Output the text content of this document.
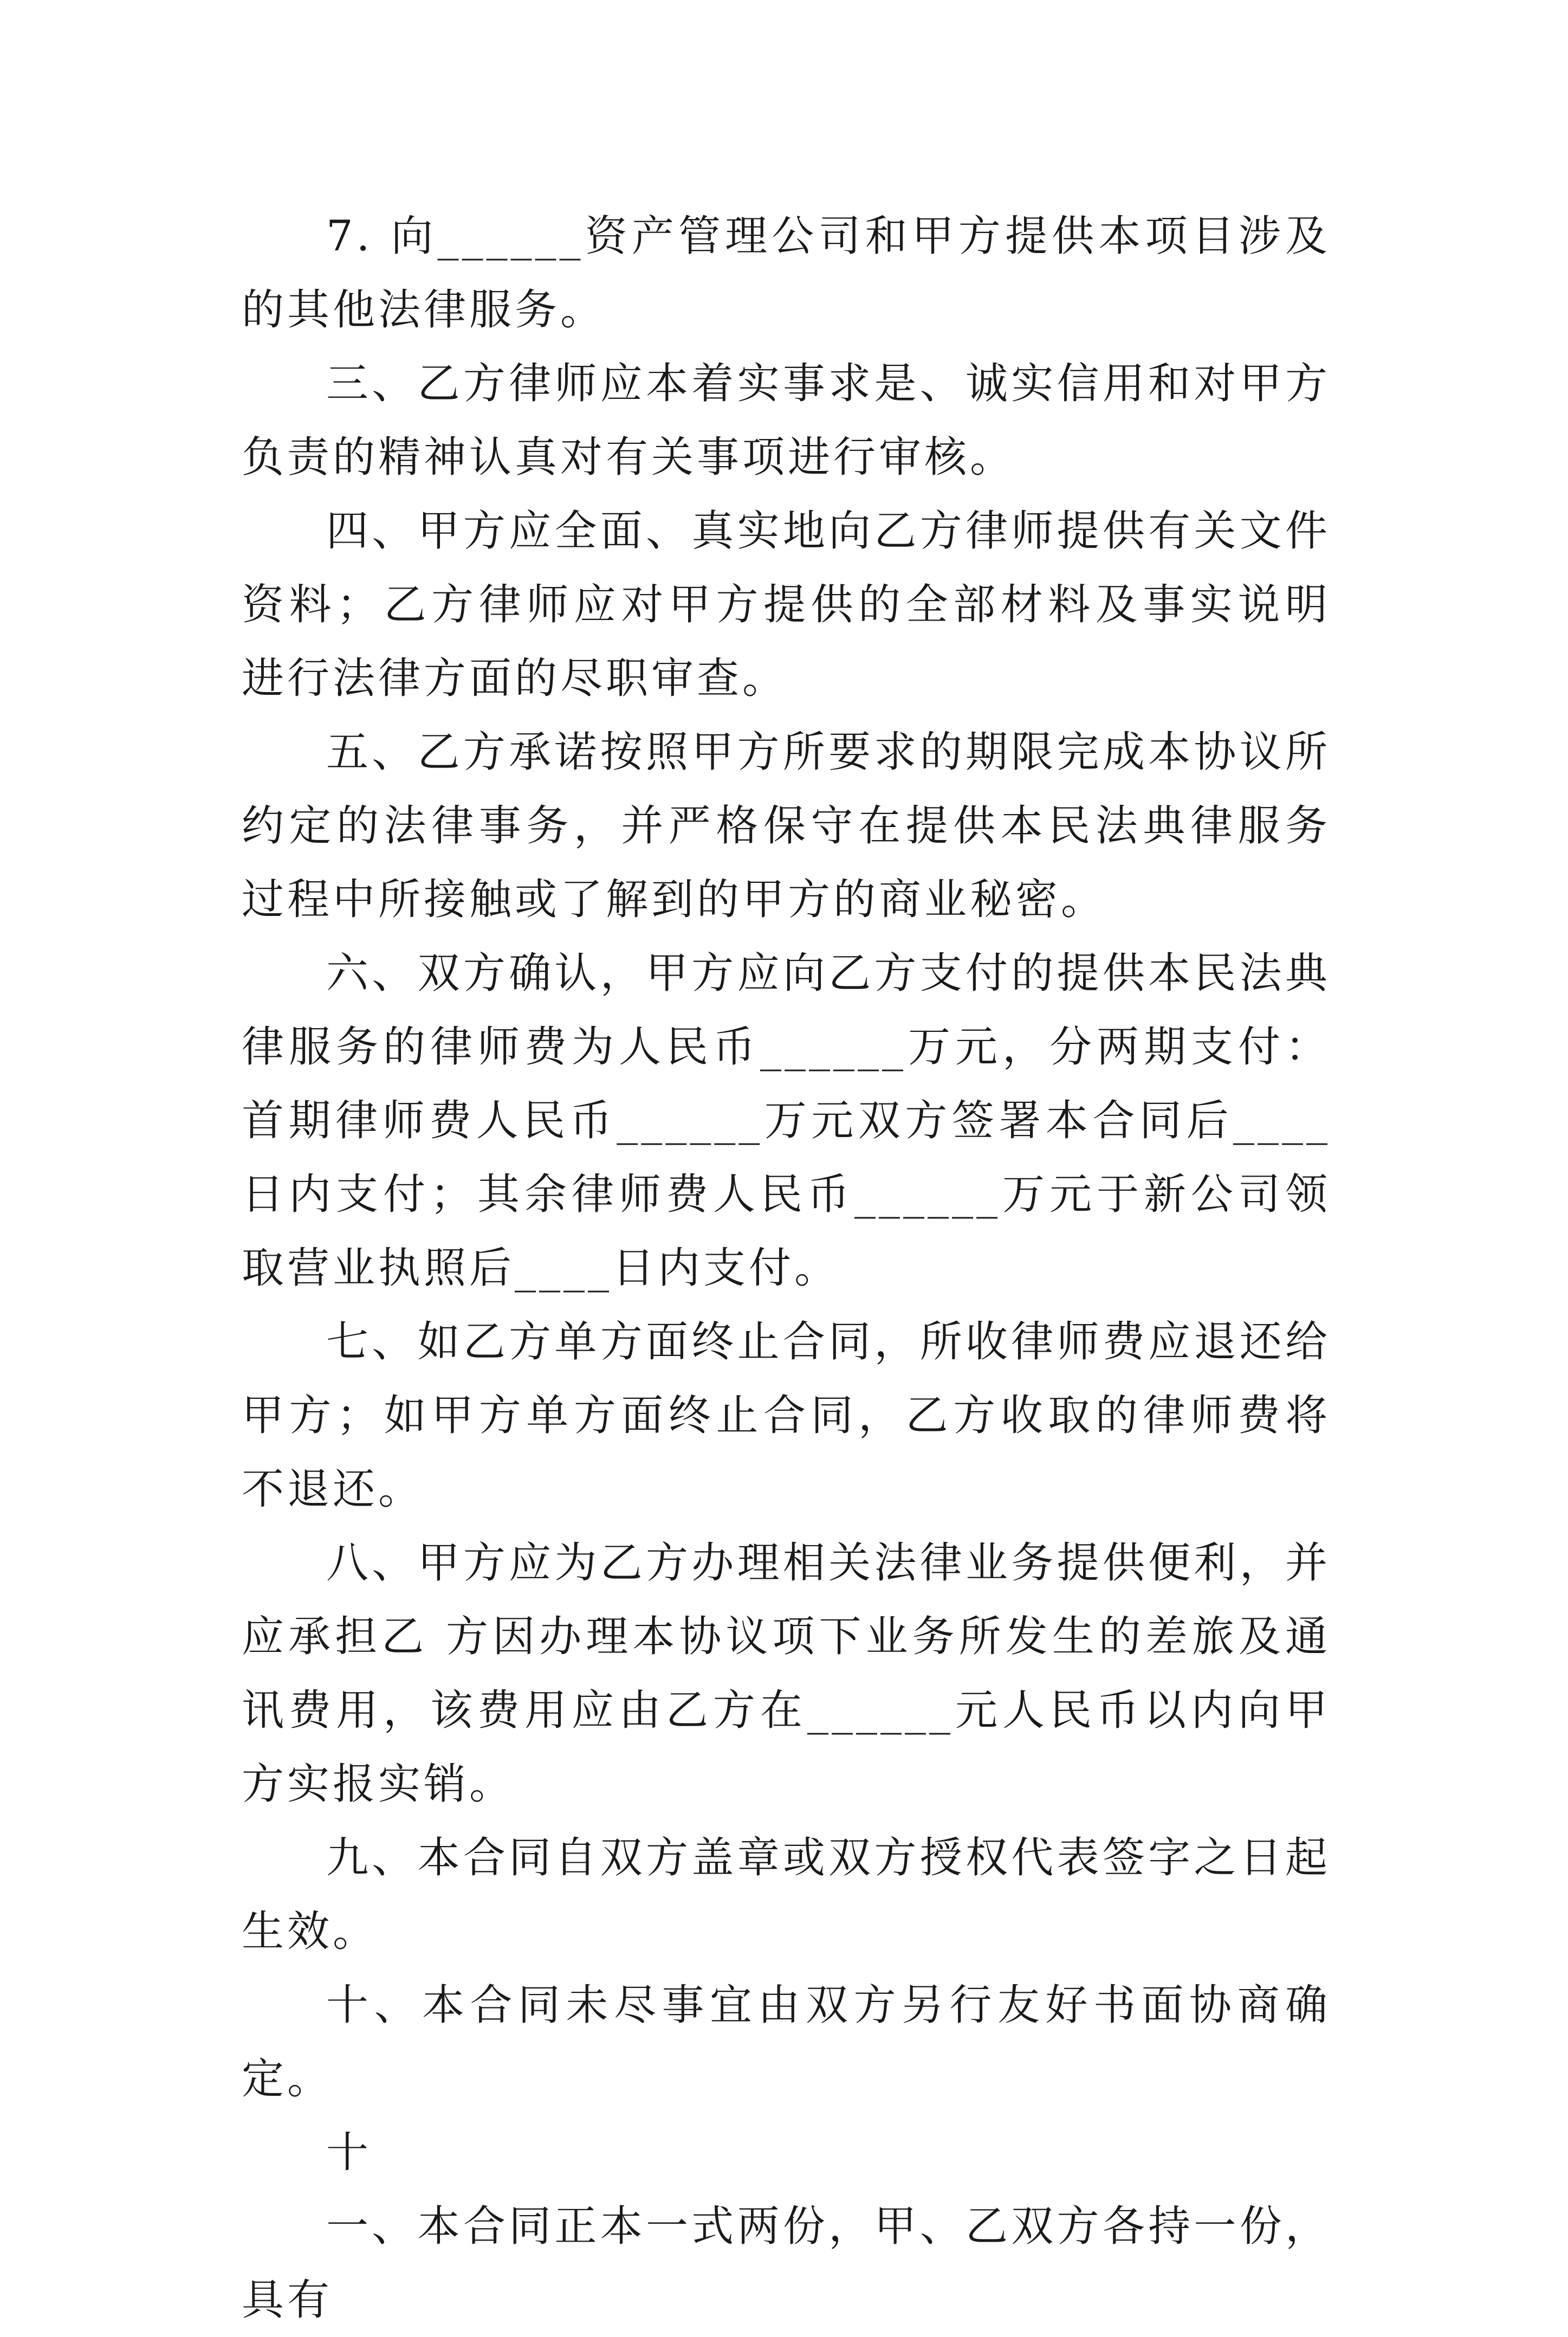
7. 向______资产管理公司和甲方提供本项目涉及的其他法律服务。

三、乙方律师应本着实事求是、诚实信用和对甲方负责的精神认真对有关事项进行审核。

四、甲方应全面、真实地向乙方律师提供有关文件资料；乙方律师应对甲方提供的全部材料及事实说明进行法律方面的尽职审查。

五、乙方承诺按照甲方所要求的期限完成本协议所约定的法律事务，并严格保守在提供本民法典律服务过程中所接触或了解到的甲方的商业秘密。

六、双方确认，甲方应向乙方支付的提供本民法典律服务的律师费为人民币______万元，分两期支付：首期律师费人民币______万元双方签署本合同后____日内支付；其余律师费人民币______万元于新公司领取营业执照后____日内支付。

七、如乙方单方面终止合同，所收律师费应退还给甲方；如甲方单方面终止合同，乙方收取的律师费将不退还。

八、甲方应为乙方办理相关法律业务提供便利，并应承担乙 方因办理本协议项下业务所发生的差旅及通讯费用，该费用应由乙方在______元人民币以内向甲方实报实销。

九、本合同自双方盖章或双方授权代表签字之日起生效。

十、本合同未尽事宜由双方另行友好书面协商确定。

十

一、本合同正本一式两份，甲、乙双方各持一份，具有
